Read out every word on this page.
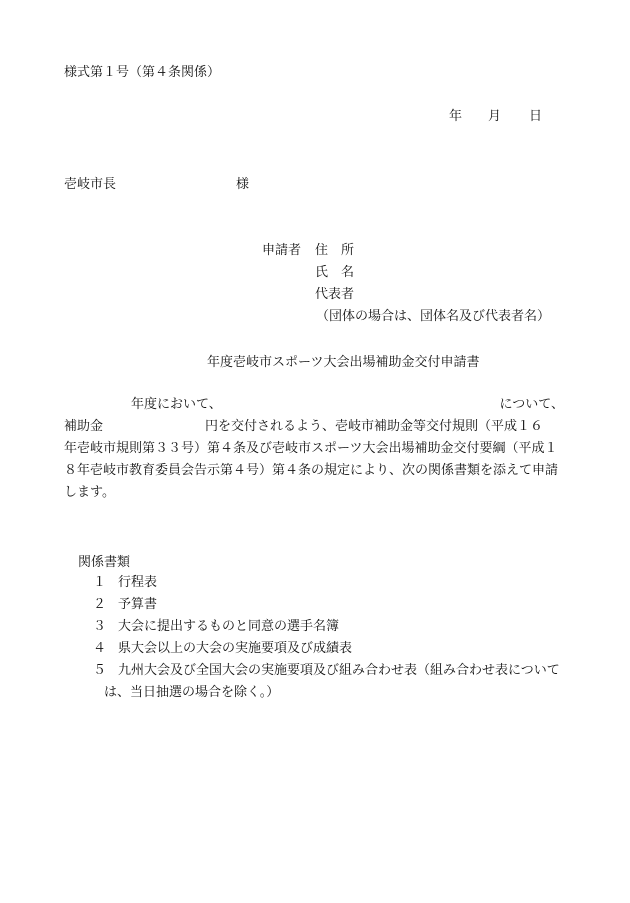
様式第１号（第４条関係）
年 月 日
壱岐市長	様
申請者 住　所
氏　名
代表者
（団体の場合は、団体名及び代表者名）
年度壱岐市スポーツ大会出場補助金交付申請書
年度において、	について、
補助金	円を交付されるよう、壱岐市補助金等交付規則（平成１６
年壱岐市規則第３３号）第４条及び壱岐市スポーツ大会出場補助金交付要綱（平成１
８年壱岐市教育委員会告示第４号）第４条の規定により、次の関係書類を添えて申請
します。
関係書類
１ 行程表
２ 予算書
３ 大会に提出するものと同意の選手名簿
４ 県大会以上の大会の実施要項及び成績表
５ 九州大会及び全国大会の実施要項及び組み合わせ表（組み合わせ表について
は、当日抽選の場合を除く。）
